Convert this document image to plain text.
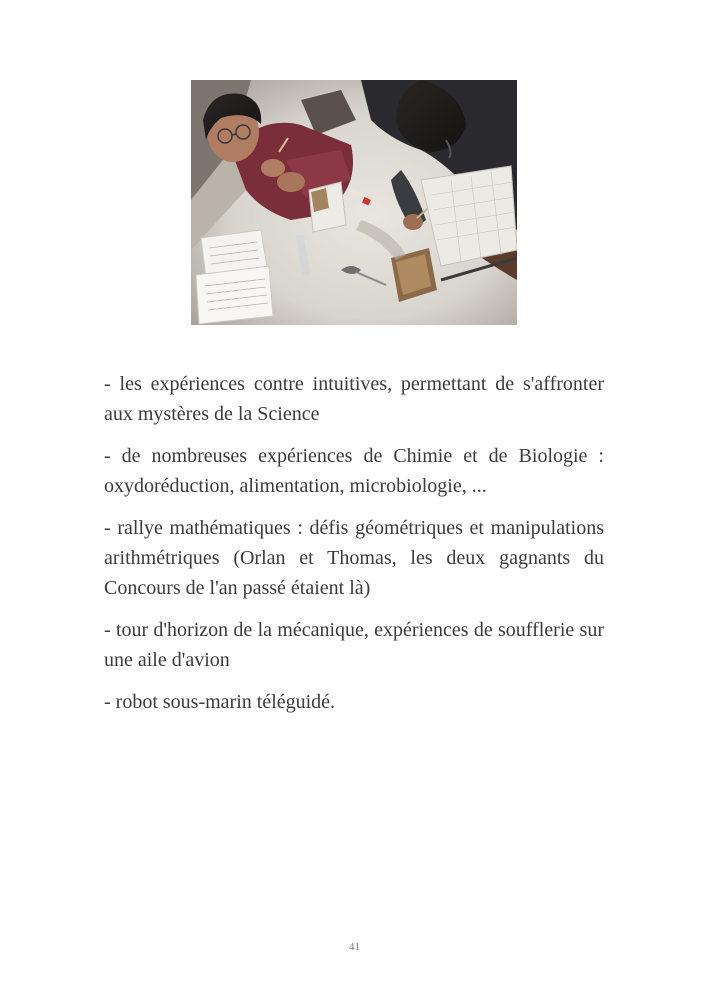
- les expériences contre intuitives, permettant de s'affronter aux mystères de la Science

- de nombreuses expériences de Chimie et de Biologie : oxydoréduction, alimentation, microbiologie, ...

- rallye mathématiques : défis géométriques et manipulations arithmétriques (Orlan et Thomas, les deux gagnants du Concours de l'an passé étaient là)

- tour d'horizon de la mécanique, expériences de soufflerie sur une aile d'avion

- robot sous-marin téléguidé.

41
